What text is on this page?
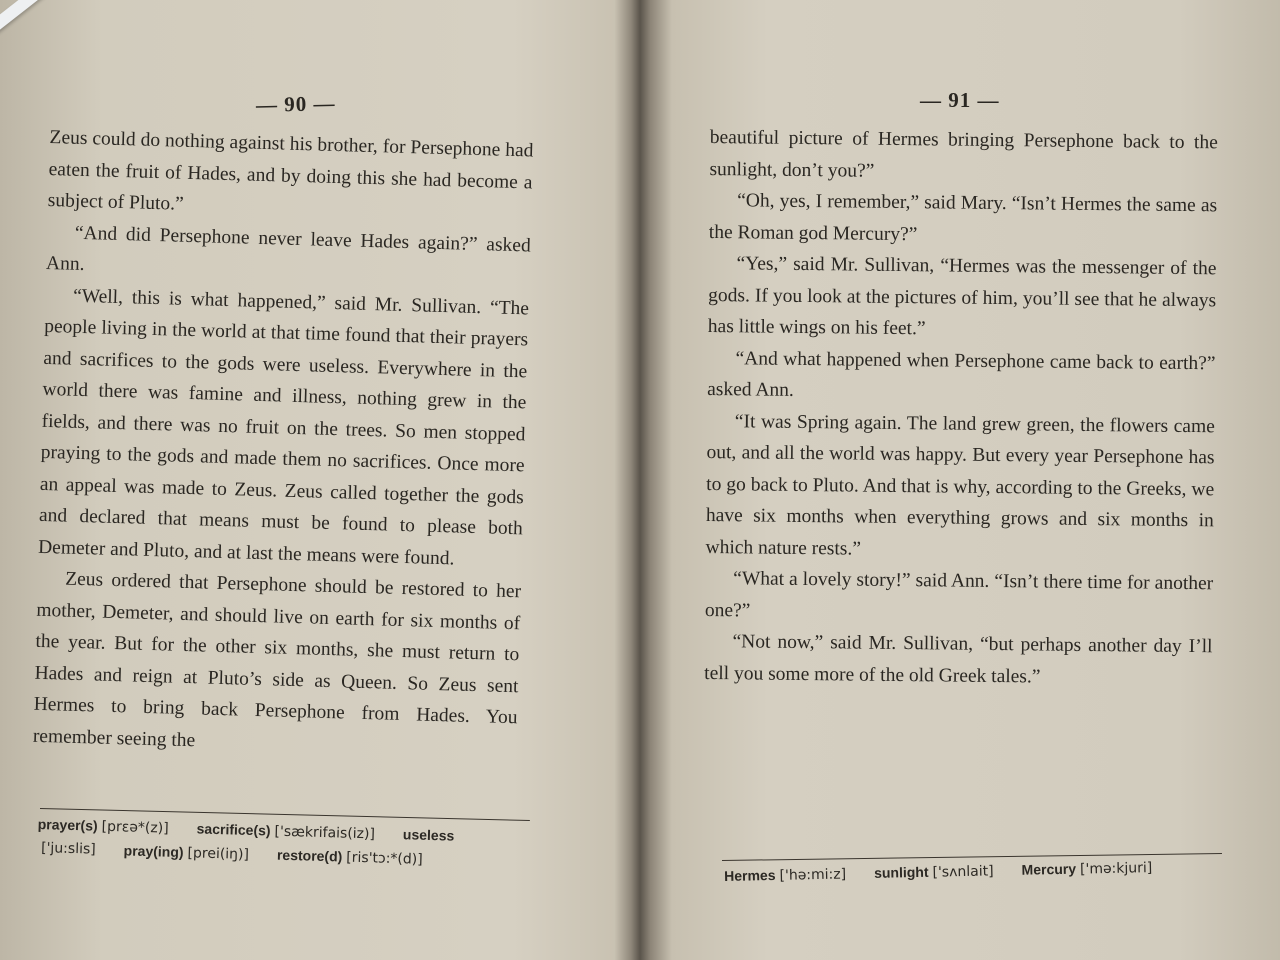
— 90 —

Zeus could do nothing against his brother, for Persephone had eaten the fruit of Hades, and by doing this she had become a subject of Pluto.”

“And did Persephone never leave Hades again?” asked Ann.

“Well, this is what happened,” said Mr. Sullivan. “The people living in the world at that time found that their prayers and sacrifices to the gods were useless. Everywhere in the world there was famine and illness, nothing grew in the fields, and there was no fruit on the trees. So men stopped praying to the gods and made them no sacrifices. Once more an appeal was made to Zeus. Zeus called together the gods and declared that means must be found to please both Demeter and Pluto, and at last the means were found.

Zeus ordered that Persephone should be restored to her mother, Demeter, and should live on earth for six months of the year. But for the other six months, she must return to Hades and reign at Pluto’s side as Queen. So Zeus sent Hermes to bring back Persephone from Hades. You remember seeing the

prayer(s) [prɛə*(z)] sacrifice(s) ['sækrifais(iz)] useless
['ju:slis] pray(ing) [prei(iŋ)] restore(d) [ris'tɔ:*(d)]
— 91 —

beautiful picture of Hermes bringing Persephone back to the sunlight, don’t you?”

“Oh, yes, I remember,” said Mary. “Isn’t Hermes the same as the Roman god Mercury?”

“Yes,” said Mr. Sullivan, “Hermes was the messenger of the gods. If you look at the pictures of him, you’ll see that he always has little wings on his feet.”

“And what happened when Persephone came back to earth?” asked Ann.

“It was Spring again. The land grew green, the flowers came out, and all the world was happy. But every year Persephone has to go back to Pluto. And that is why, according to the Greeks, we have six months when everything grows and six months in which nature rests.”

“What a lovely story!” said Ann. “Isn’t there time for another one?”

“Not now,” said Mr. Sullivan, “but perhaps another day I’ll tell you some more of the old Greek tales.”

Hermes ['hə:mi:z] sunlight ['sʌnlait] Mercury ['mə:kjuri]
